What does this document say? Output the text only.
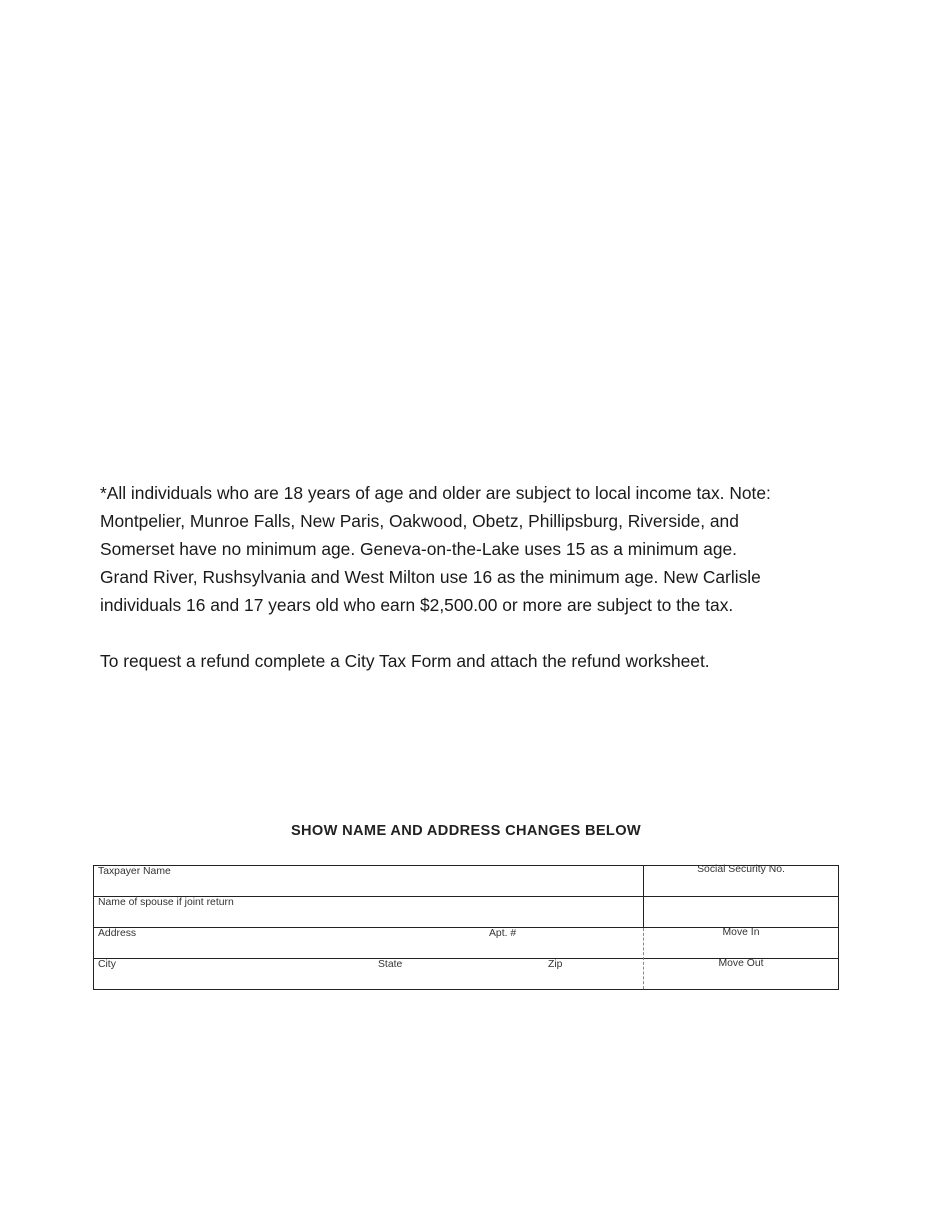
*All individuals who are 18 years of age and older are subject to local income tax. Note:
Montpelier, Munroe Falls, New Paris, Oakwood, Obetz, Phillipsburg, Riverside, and
Somerset have no minimum age. Geneva-on-the-Lake uses 15 as a minimum age.
Grand River, Rushsylvania and West Milton use 16 as the minimum age. New Carlisle
individuals 16 and 17 years old who earn $2,500.00 or more are subject to the tax.
To request a refund complete a City Tax Form and attach the refund worksheet.
SHOW NAME AND ADDRESS CHANGES BELOW
Taxpayer Name	Social Security No.
Name of spouse if joint return
Address	Apt. #	Move In
City	State	Zip	Move Out
